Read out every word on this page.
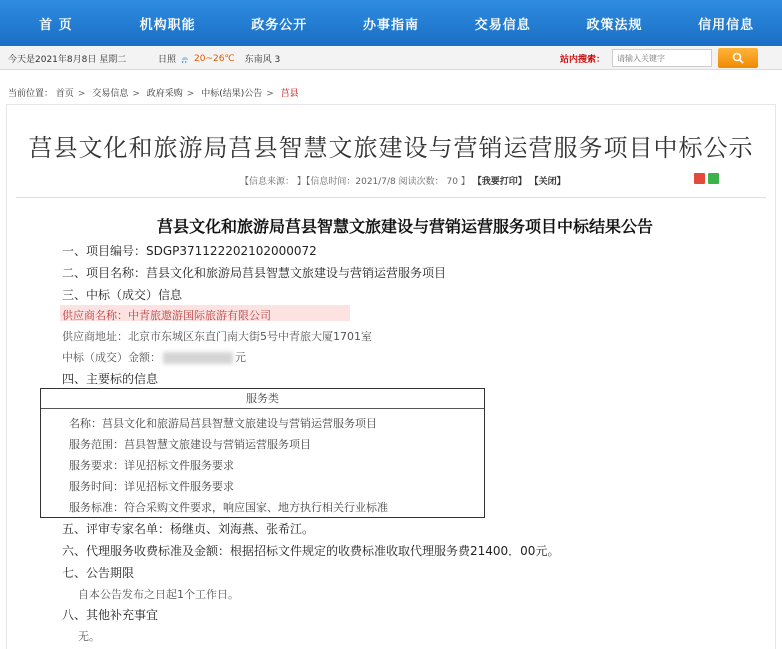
首 页	机构职能	政务公开	办事指南	交易信息	政策法规	信用信息
今天是2021年8月8日 星期二	日照 20~26℃ 东南风 3	站内搜索：
请输入关键字
当前位置： 首页 > 交易信息 > 政府采购 > 中标(结果)公告 > 莒县
莒县文化和旅游局莒县智慧文旅建设与营销运营服务项目中标公示
【信息来源： 】【信息时间：2021/7/8 阅读次数： 70 】 【我要打印】 【关闭】
莒县文化和旅游局莒县智慧文旅建设与营销运营服务项目中标结果公告
一、项目编号：SDGP371122202102000072
二、项目名称：莒县文化和旅游局莒县智慧文旅建设与营销运营服务项目
三、中标（成交）信息
供应商名称：中青旅遨游国际旅游有限公司
供应商地址：北京市东城区东直门南大街5号中青旅大厦1701室
中标（成交）金额：	元
四、主要标的信息
服务类
名称：莒县文化和旅游局莒县智慧文旅建设与营销运营服务项目
服务范围：莒县智慧文旅建设与营销运营服务项目
服务要求：详见招标文件服务要求
服务时间：详见招标文件服务要求
服务标准：符合采购文件要求，响应国家、地方执行相关行业标准
五、评审专家名单：杨继贞、刘海燕、张希江。
六、代理服务收费标准及金额：根据招标文件规定的收费标准收取代理服务费21400．00元。
七、公告期限
自本公告发布之日起1个工作日。
八、其他补充事宜
无。
